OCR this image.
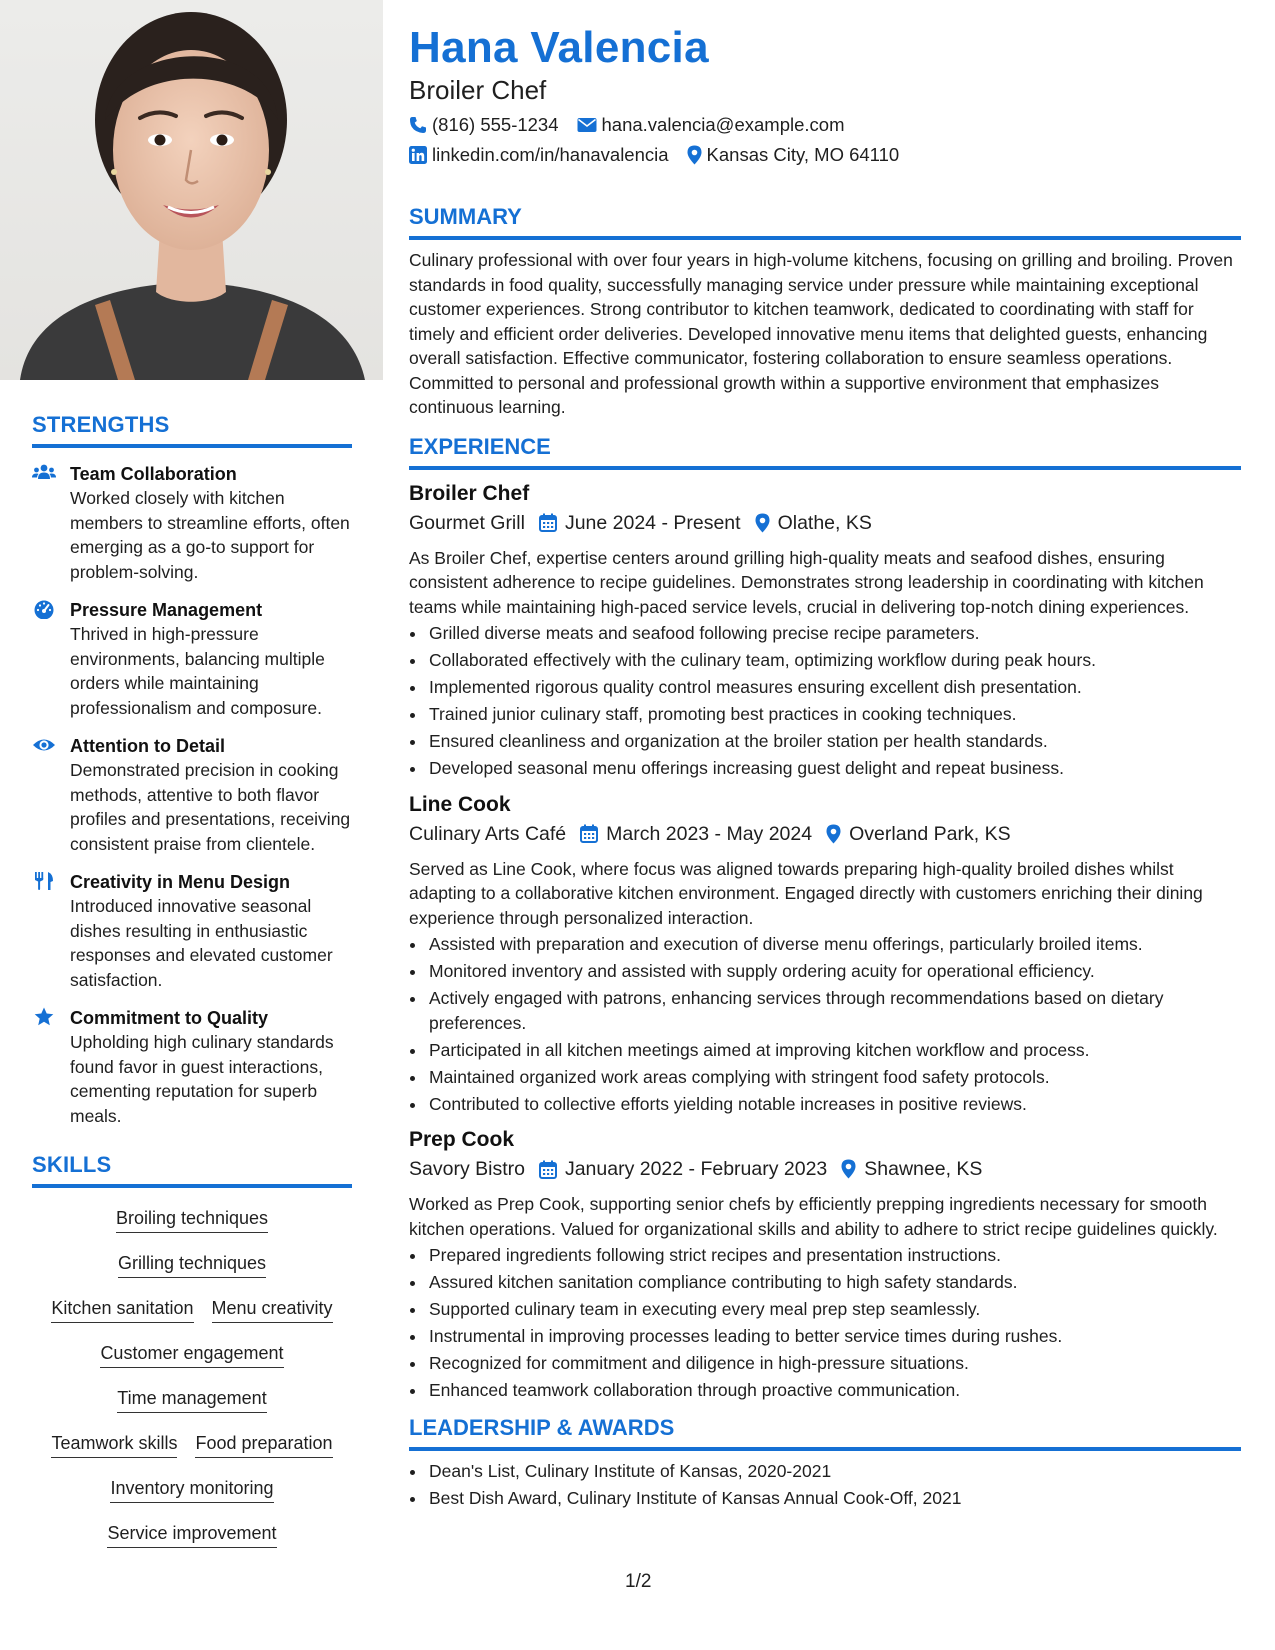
STRENGTHS
Team Collaboration
Worked closely with kitchen members to streamline efforts, often emerging as a go-to support for problem-solving.
Pressure Management
Thrived in high-pressure environments, balancing multiple orders while maintaining professionalism and composure.
Attention to Detail
Demonstrated precision in cooking methods, attentive to both flavor profiles and presentations, receiving consistent praise from clientele.
Creativity in Menu Design
Introduced innovative seasonal dishes resulting in enthusiastic responses and elevated customer satisfaction.
Commitment to Quality
Upholding high culinary standards found favor in guest interactions, cementing reputation for superb meals.
SKILLS
Broiling techniques
Grilling techniques
Kitchen sanitation Menu creativity
Customer engagement
Time management
Teamwork skills Food preparation
Inventory monitoring
Service improvement
Hana Valencia
Broiler Chef
(816) 555-1234 hana.valencia@example.com
linkedin.com/in/hanavalencia Kansas City, MO 64110
SUMMARY
Culinary professional with over four years in high-volume kitchens, focusing on grilling and broiling. Proven standards in food quality, successfully managing service under pressure while maintaining exceptional customer experiences. Strong contributor to kitchen teamwork, dedicated to coordinating with staff for timely and efficient order deliveries. Developed innovative menu items that delighted guests, enhancing overall satisfaction. Effective communicator, fostering collaboration to ensure seamless operations. Committed to personal and professional growth within a supportive environment that emphasizes continuous learning.
EXPERIENCE
Broiler Chef
Gourmet Grill June 2024 - Present Olathe, KS
As Broiler Chef, expertise centers around grilling high-quality meats and seafood dishes, ensuring consistent adherence to recipe guidelines. Demonstrates strong leadership in coordinating with kitchen teams while maintaining high-paced service levels, crucial in delivering top-notch dining experiences.
• Grilled diverse meats and seafood following precise recipe parameters.
• Collaborated effectively with the culinary team, optimizing workflow during peak hours.
• Implemented rigorous quality control measures ensuring excellent dish presentation.
• Trained junior culinary staff, promoting best practices in cooking techniques.
• Ensured cleanliness and organization at the broiler station per health standards.
• Developed seasonal menu offerings increasing guest delight and repeat business.
Line Cook
Culinary Arts Café March 2023 - May 2024 Overland Park, KS
Served as Line Cook, where focus was aligned towards preparing high-quality broiled dishes whilst adapting to a collaborative kitchen environment. Engaged directly with customers enriching their dining experience through personalized interaction.
• Assisted with preparation and execution of diverse menu offerings, particularly broiled items.
• Monitored inventory and assisted with supply ordering acuity for operational efficiency.
• Actively engaged with patrons, enhancing services through recommendations based on dietary preferences.
• Participated in all kitchen meetings aimed at improving kitchen workflow and process.
• Maintained organized work areas complying with stringent food safety protocols.
• Contributed to collective efforts yielding notable increases in positive reviews.
Prep Cook
Savory Bistro January 2022 - February 2023 Shawnee, KS
Worked as Prep Cook, supporting senior chefs by efficiently prepping ingredients necessary for smooth kitchen operations. Valued for organizational skills and ability to adhere to strict recipe guidelines quickly.
• Prepared ingredients following strict recipes and presentation instructions.
• Assured kitchen sanitation compliance contributing to high safety standards.
• Supported culinary team in executing every meal prep step seamlessly.
• Instrumental in improving processes leading to better service times during rushes.
• Recognized for commitment and diligence in high-pressure situations.
• Enhanced teamwork collaboration through proactive communication.
LEADERSHIP & AWARDS
• Dean's List, Culinary Institute of Kansas, 2020-2021
• Best Dish Award, Culinary Institute of Kansas Annual Cook-Off, 2021
1/2
